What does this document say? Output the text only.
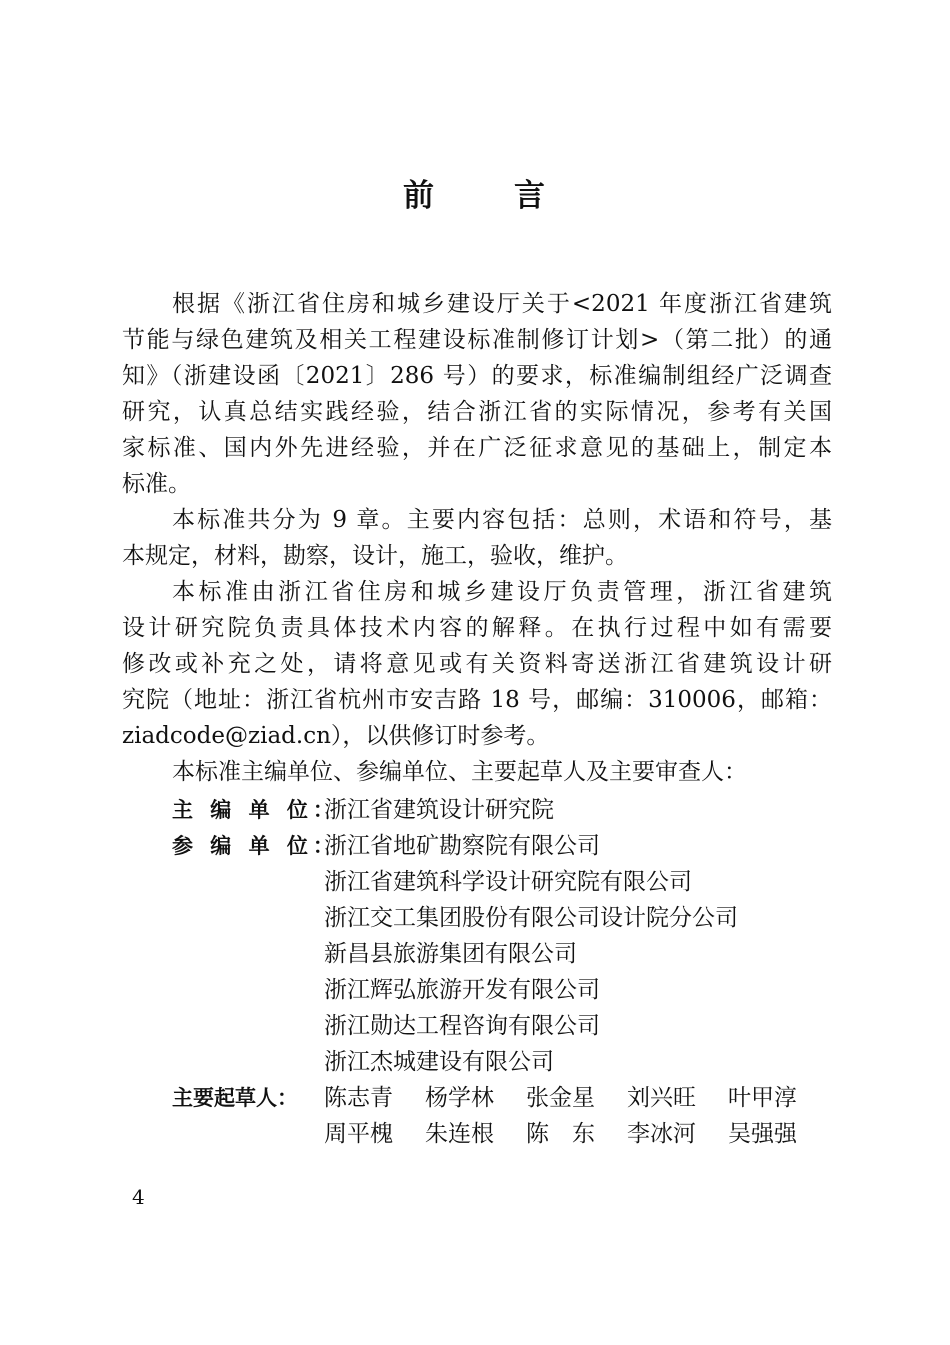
前	言
根据《浙江省住房和城乡建设厅关于<2021 年度浙江省建筑
节能与绿色建筑及相关工程建设标准制修订计划>（第二批）的通
知》（浙建设函〔2021〕286 号）的要求，标准编制组经广泛调查
研究，认真总结实践经验，结合浙江省的实际情况，参考有关国
家标准、国内外先进经验，并在广泛征求意见的基础上，制定本
标准。
本标准共分为 9 章。主要内容包括：总则，术语和符号，基
本规定，材料，勘察，设计，施工，验收，维护。
本标准由浙江省住房和城乡建设厅负责管理，浙江省建筑
设计研究院负责具体技术内容的解释。在执行过程中如有需要
修改或补充之处，请将意见或有关资料寄送浙江省建筑设计研
究院（地址：浙江省杭州市安吉路 18 号，邮编：310006，邮箱：
ziadcode@ziad.cn），以供修订时参考。
本标准主编单位、参编单位、主要起草人及主要审查人：
主 编 单 位：
浙江省建筑设计研究院
参 编 单 位：
浙江省地矿勘察院有限公司
浙江省建筑科学设计研究院有限公司
浙江交工集团股份有限公司设计院分公司
新昌县旅游集团有限公司
浙江辉弘旅游开发有限公司
浙江勋达工程咨询有限公司
浙江杰城建设有限公司
主要起草人：	陈志青	杨学林	张金星	刘兴旺	叶甲淳
周平槐	朱连根	陈　东	李冰河	吴强强
4
